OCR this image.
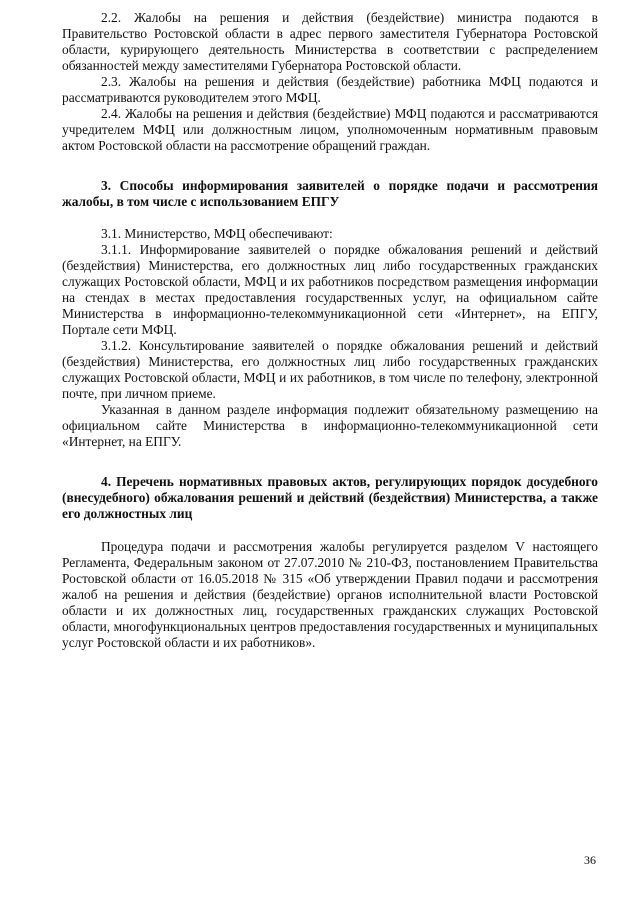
2.2. Жалобы на решения и действия (бездействие) министра подаются в Правительство Ростовской области в адрес первого заместителя Губернатора Ростовской области, курирующего деятельность Министерства в соответствии с распределением обязанностей между заместителями Губернатора Ростовской области.

2.3. Жалобы на решения и действия (бездействие) работника МФЦ подаются и рассматриваются руководителем этого МФЦ.

2.4. Жалобы на решения и действия (бездействие) МФЦ подаются и рассматриваются учредителем МФЦ или должностным лицом, уполномоченным нормативным правовым актом Ростовской области на рассмотрение обращений граждан.

3. Способы информирования заявителей о порядке подачи и рассмотрения жалобы, в том числе с использованием ЕПГУ

3.1. Министерство, МФЦ обеспечивают:

3.1.1. Информирование заявителей о порядке обжалования решений и действий (бездействия) Министерства, его должностных лиц либо государственных гражданских служащих Ростовской области, МФЦ и их работников посредством размещения информации на стендах в местах предоставления государственных услуг, на официальном сайте Министерства в информационно-телекоммуникационной сети «Интернет», на ЕПГУ, Портале сети МФЦ.

3.1.2. Консультирование заявителей о порядке обжалования решений и действий (бездействия) Министерства, его должностных лиц либо государственных гражданских служащих Ростовской области, МФЦ и их работников, в том числе по телефону, электронной почте, при личном приеме.

Указанная в данном разделе информация подлежит обязательному размещению на официальном сайте Министерства в информационно-телекоммуникационной сети «Интернет, на ЕПГУ.

4. Перечень нормативных правовых актов, регулирующих порядок досудебного (внесудебного) обжалования решений и действий (бездействия) Министерства, а также его должностных лиц

Процедура подачи и рассмотрения жалобы регулируется разделом V настоящего Регламента, Федеральным законом от 27.07.2010 № 210-ФЗ, постановлением Правительства Ростовской области от 16.05.2018 № 315 «Об утверждении Правил подачи и рассмотрения жалоб на решения и действия (бездействие) органов исполнительной власти Ростовской области и их должностных лиц, государственных гражданских служащих Ростовской области, многофункциональных центров предоставления государственных и муниципальных услуг Ростовской области и их работников».

36
